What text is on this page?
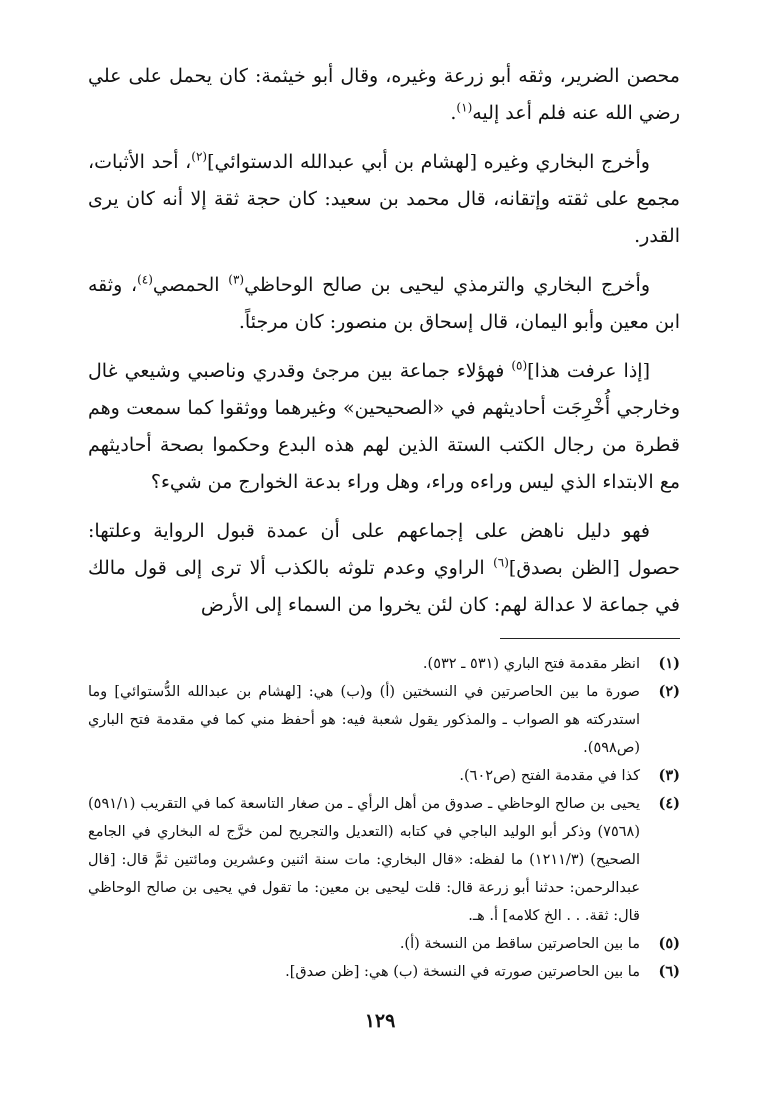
محصن الضرير، وثقه أبو زرعة وغيره، وقال أبو خيثمة: كان يحمل على علي رضي الله عنه فلم أعد إليه$^{(١)}$.

وأخرج البخاري وغيره [لهشام بن أبي عبدالله الدستوائي]$^{(٢)}$، أحد الأثبات، مجمع على ثقته وإتقانه، قال محمد بن سعيد: كان حجة ثقة إلا أنه كان يرى القدر.

وأخرج البخاري والترمذي ليحيى بن صالح الوحاظي$^{(٣)}$ الحمصي$^{(٤)}$، وثقه ابن معين وأبو اليمان، قال إسحاق بن منصور: كان مرجئاً.

[إذا عرفت هذا]$^{(٥)}$ فهؤلاء جماعة بين مرجئ وقدري وناصبي وشيعي غال وخارجي أُخْرِجَت أحاديثهم في «الصحيحين» وغيرهما ووثقوا كما سمعت وهم قطرة من رجال الكتب الستة الذين لهم هذه البدع وحكموا بصحة أحاديثهم مع الابتداء الذي ليس وراءه وراء، وهل وراء بدعة الخوارج من شيء؟

فهو دليل ناهض على إجماعهم على أن عمدة قبول الرواية وعلتها: حصول [الظن بصدق]$^{(٦)}$ الراوي وعدم تلوثه بالكذب ألا ترى إلى قول مالك في جماعة لا عدالة لهم: كان لئن يخروا من السماء إلى الأرض

(١)
انظر مقدمة فتح الباري (٥٣١ ـ ٥٣٢).
(٢)
صورة ما بين الحاصرتين في النسختين (أ) و(ب) هي: [لهشام بن عبدالله الدُّستوائي] وما استدركته هو الصواب ـ والمذكور يقول شعبة فيه: هو أحفظ مني كما في مقدمة فتح الباري (ص٥٩٨).
(٣)
كذا في مقدمة الفتح (ص٦٠٢).
(٤)
يحيى بن صالح الوحاظي ـ صدوق من أهل الرأي ـ من صغار التاسعة كما في التقريب (٥٩١/١) (٧٥٦٨) وذكر أبو الوليد الباجي في كتابه (التعديل والتجريح لمن خرَّج له البخاري في الجامع الصحيح) (١٢١١/٣) ما لفظه: «قال البخاري: مات سنة اثنين وعشرين ومائتين ثمَّ قال: [قال عبدالرحمن: حدثنا أبو زرعة قال: قلت ليحيى بن معين: ما تقول في يحيى بن صالح الوحاظي قال: ثقة. . . الخ كلامه] أ. هـ.
(٥)
ما بين الحاصرتين ساقط من النسخة (أ).
(٦)
ما بين الحاصرتين صورته في النسخة (ب) هي: [ظن صدق].
١٢٩
